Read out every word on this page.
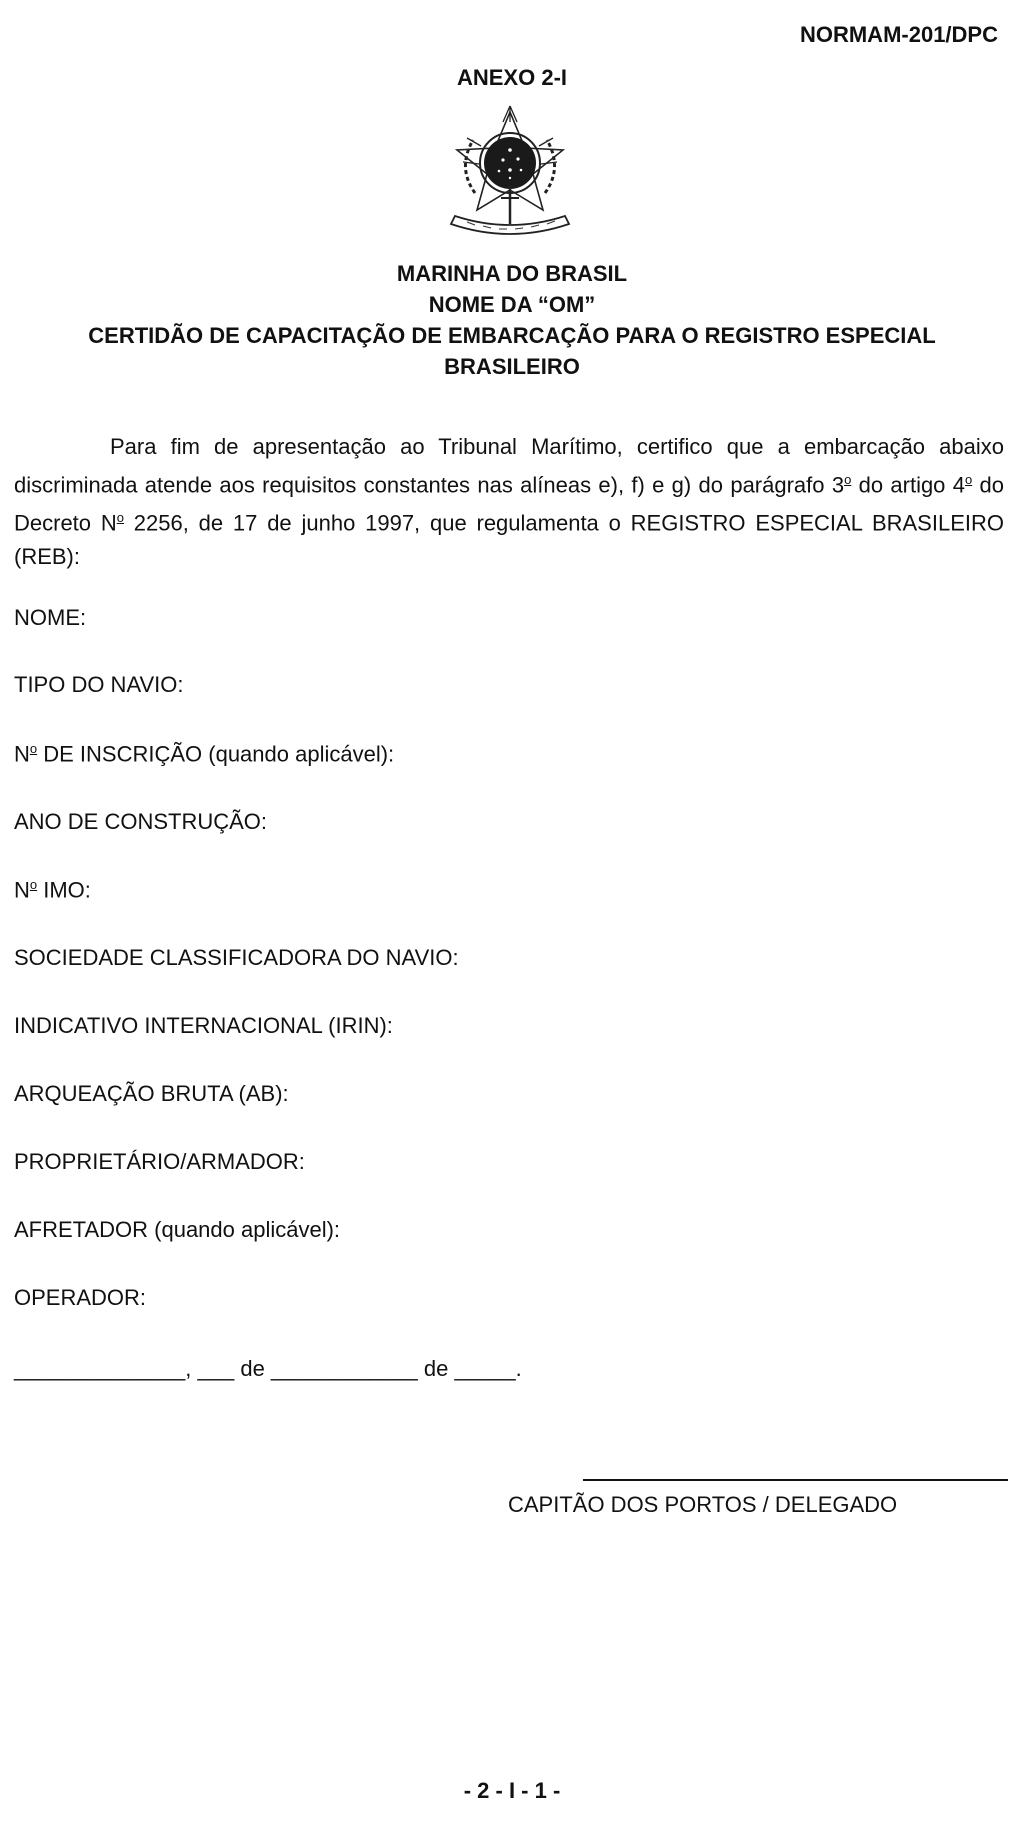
NORMAM-201/DPC
ANEXO 2-I
MARINHA DO BRASIL
NOME DA “OM”
CERTIDÃO DE CAPACITAÇÃO DE EMBARCAÇÃO PARA O REGISTRO ESPECIAL
BRASILEIRO
Para fim de apresentação ao Tribunal Marítimo, certifico que a embarcação abaixo discriminada atende aos requisitos constantes nas alíneas e), f) e g) do parágrafo 3$^o$ do artigo 4$^o$ do Decreto $N^o$ 2256, de 17 de junho 1997, que regulamenta o REGISTRO ESPECIAL BRASILEIRO (REB):
NOME:
TIPO DO NAVIO:
$N^o$ DE INSCRIÇÃO (quando aplicável):
ANO DE CONSTRUÇÃO:
$N^o$ IMO:
SOCIEDADE CLASSIFICADORA DO NAVIO:
INDICATIVO INTERNACIONAL (IRIN):
ARQUEAÇÃO BRUTA (AB):
PROPRIETÁRIO/ARMADOR:
AFRETADOR (quando aplicável):
OPERADOR:
______________, ___ de ____________ de _____.
CAPITÃO DOS PORTOS / DELEGADO
- 2 - I - 1 -
